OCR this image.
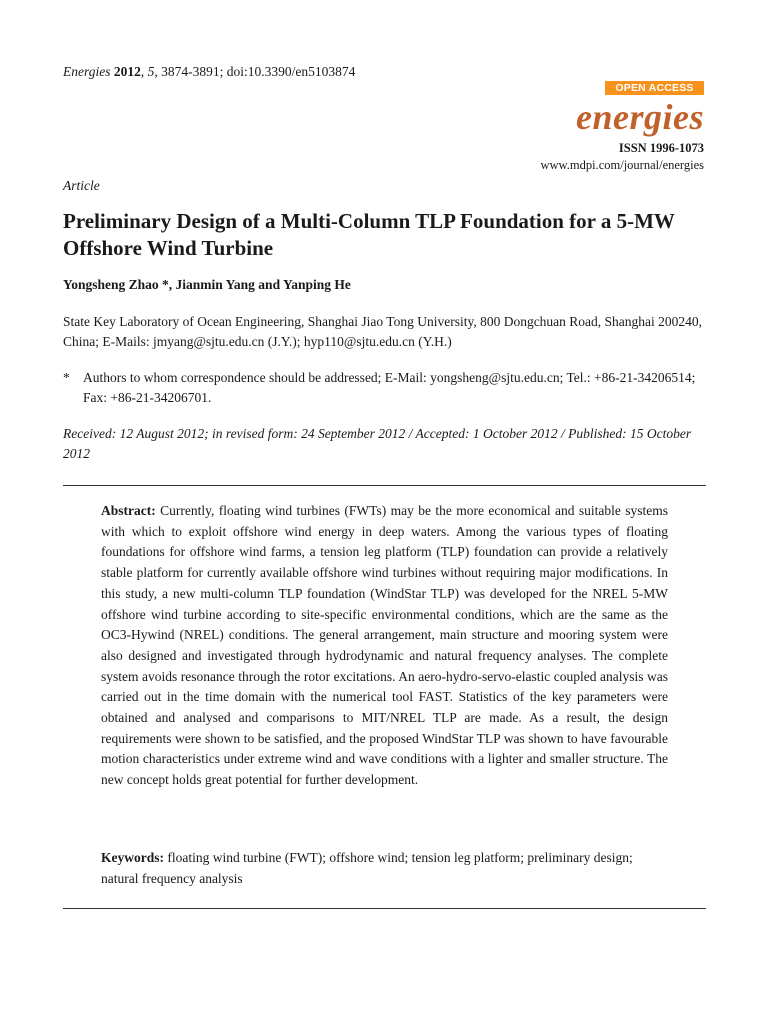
Energies 2012, 5, 3874-3891; doi:10.3390/en5103874
OPEN ACCESS
energies
ISSN 1996-1073
www.mdpi.com/journal/energies
Article
Preliminary Design of a Multi-Column TLP Foundation for a 5-MW Offshore Wind Turbine
Yongsheng Zhao *, Jianmin Yang and Yanping He
State Key Laboratory of Ocean Engineering, Shanghai Jiao Tong University, 800 Dongchuan Road, Shanghai 200240, China; E-Mails: jmyang@sjtu.edu.cn (J.Y.); hyp110@sjtu.edu.cn (Y.H.)
* Authors to whom correspondence should be addressed; E-Mail: yongsheng@sjtu.edu.cn; Tel.: +86-21-34206514; Fax: +86-21-34206701.
Received: 12 August 2012; in revised form: 24 September 2012 / Accepted: 1 October 2012 / Published: 15 October 2012
Abstract: Currently, floating wind turbines (FWTs) may be the more economical and suitable systems with which to exploit offshore wind energy in deep waters. Among the various types of floating foundations for offshore wind farms, a tension leg platform (TLP) foundation can provide a relatively stable platform for currently available offshore wind turbines without requiring major modifications. In this study, a new multi-column TLP foundation (WindStar TLP) was developed for the NREL 5-MW offshore wind turbine according to site-specific environmental conditions, which are the same as the OC3-Hywind (NREL) conditions. The general arrangement, main structure and mooring system were also designed and investigated through hydrodynamic and natural frequency analyses. The complete system avoids resonance through the rotor excitations. An aero-hydro-servo-elastic coupled analysis was carried out in the time domain with the numerical tool FAST. Statistics of the key parameters were obtained and analysed and comparisons to MIT/NREL TLP are made. As a result, the design requirements were shown to be satisfied, and the proposed WindStar TLP was shown to have favourable motion characteristics under extreme wind and wave conditions with a lighter and smaller structure. The new concept holds great potential for further development.
Keywords: floating wind turbine (FWT); offshore wind; tension leg platform; preliminary design; natural frequency analysis
